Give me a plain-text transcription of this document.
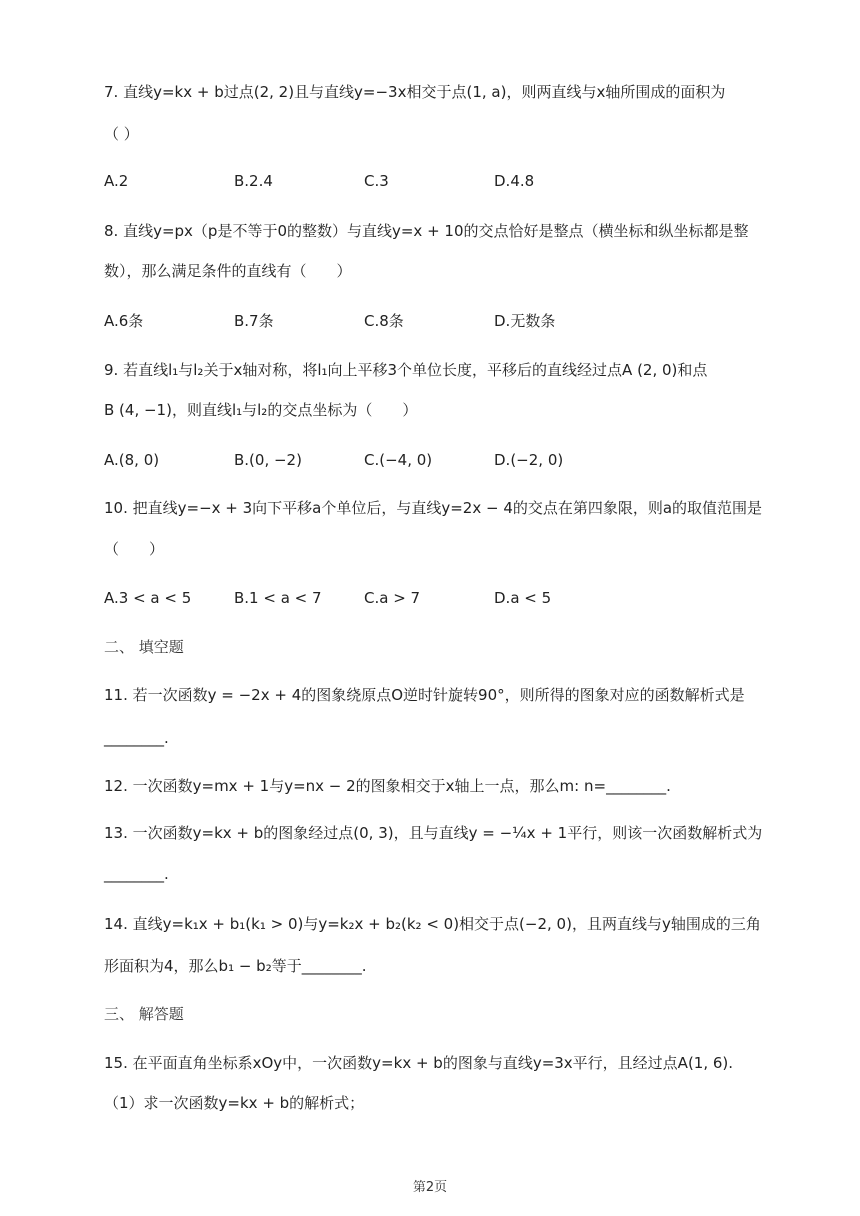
7. 直线y=kx + b过点(2, 2)且与直线y=−3x相交于点(1, a)，则两直线与x轴所围成的面积为
（ ）
A.2	B.2.4	C.3	D.4.8
8. 直线y=px（p是不等于0的整数）与直线y=x + 10的交点恰好是整点（横坐标和纵坐标都是整
数），那么满足条件的直线有（　　）
A.6条	B.7条	C.8条	D.无数条
9. 若直线l₁与l₂关于x轴对称，将l₁向上平移3个单位长度，平移后的直线经过点A (2, 0)和点
B (4, −1)，则直线l₁与l₂的交点坐标为（　　）
A.(8, 0)	B.(0, −2)	C.(−4, 0)	D.(−2, 0)
10. 把直线y=−x + 3向下平移a个单位后，与直线y=2x − 4的交点在第四象限，则a的取值范围是
（　　）
A.3 < a < 5	B.1 < a < 7	C.a > 7	D.a < 5
二、 填空题
11. 若一次函数y = −2x + 4的图象绕原点O逆时针旋转90°，则所得的图象对应的函数解析式是
________.
12. 一次函数y=mx + 1与y=nx − 2的图象相交于x轴上一点，那么m: n=________.
13. 一次函数y=kx + b的图象经过点(0, 3)，且与直线y = −¼x + 1平行，则该一次函数解析式为
________.
14. 直线y=k₁x + b₁(k₁ > 0)与y=k₂x + b₂(k₂ < 0)相交于点(−2, 0)，且两直线与y轴围成的三角
形面积为4，那么b₁ − b₂等于________.
三、 解答题
15. 在平面直角坐标系xOy中，一次函数y=kx + b的图象与直线y=3x平行，且经过点A(1, 6).
（1）求一次函数y=kx + b的解析式；
第2页
